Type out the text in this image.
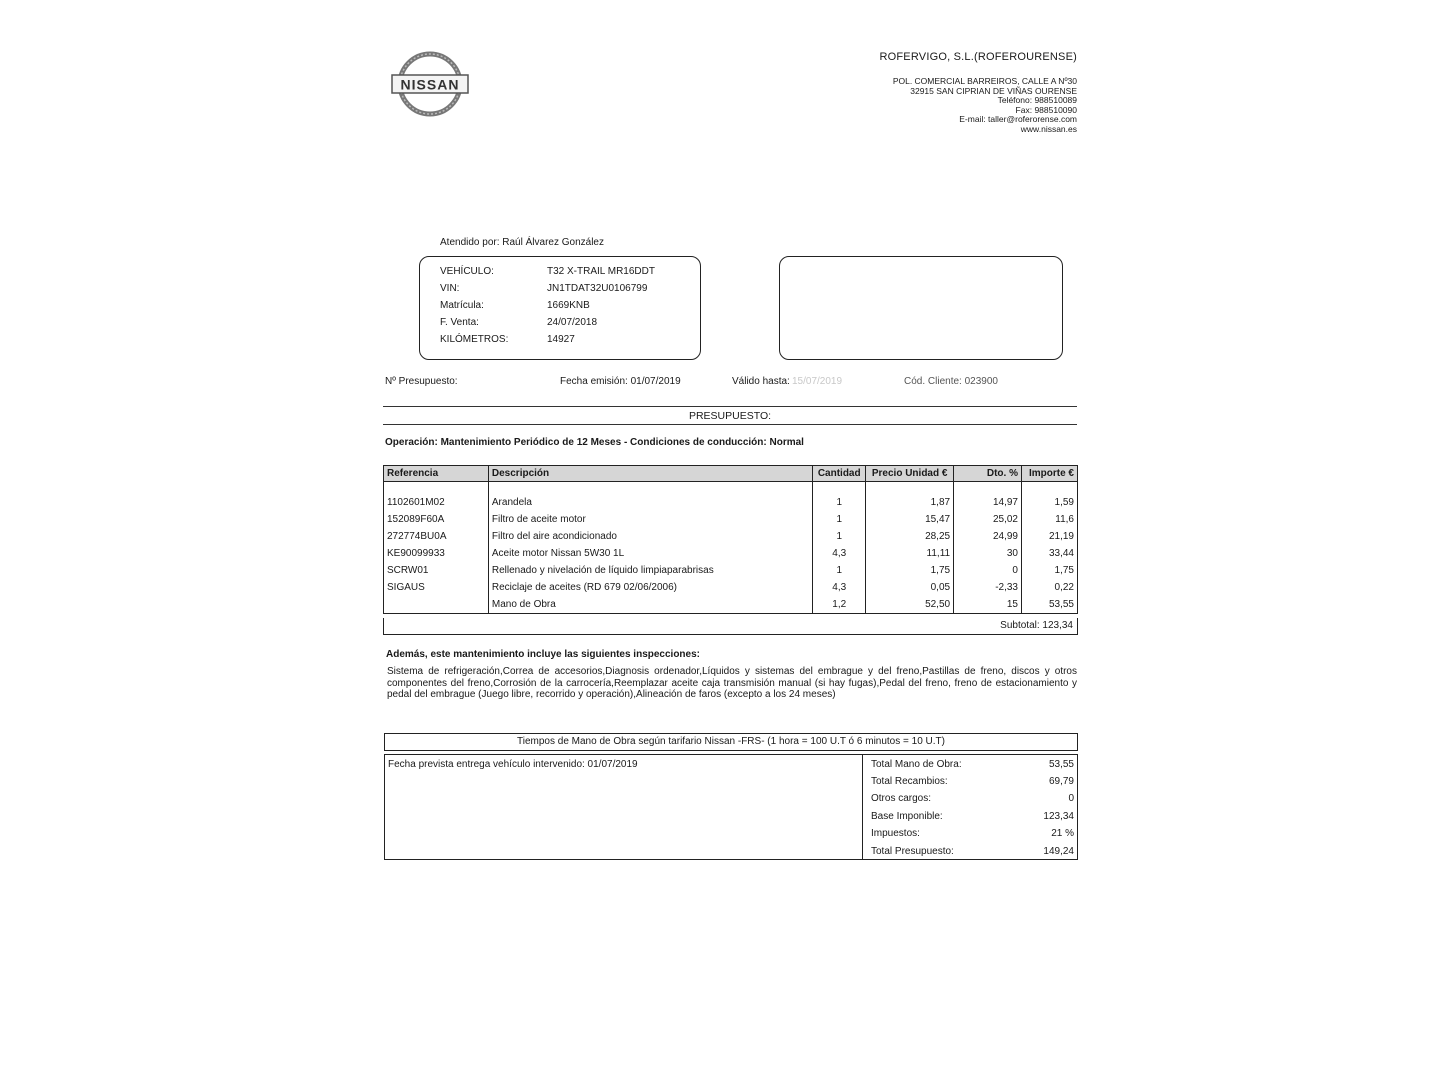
NISSAN
ROFERVIGO, S.L.(ROFEROURENSE)
POL. COMERCIAL BARREIROS, CALLE A Nº30
32915 SAN CIPRIAN DE VIÑAS OURENSE
Teléfono: 988510089
Fax: 988510090
E-mail: taller@roferorense.com
www.nissan.es
Atendido por: Raúl Álvarez González
VEHÍCULO:	T32 X-TRAIL MR16DDT
VIN:	JN1TDAT32U0106799
Matrícula:	1669KNB
F. Venta:	24/07/2018
KILÓMETROS:	14927
Nº Presupuesto:	Fecha emisión: 01/07/2019	Válido hasta: 15/07/2019	Cód. Cliente: 023900
PRESUPUESTO:
Operación: Mantenimiento Periódico de 12 Meses - Condiciones de conducción: Normal
Referencia	Descripción	Cantidad	Precio Unidad €	Dto. %	Importe €

1102601M02	Arandela	1	1,87	14,97	1,59
152089F60A	Filtro de aceite motor	1	15,47	25,02	11,6
272774BU0A	Filtro del aire acondicionado	1	28,25	24,99	21,19
KE90099933	Aceite motor Nissan 5W30 1L	4,3	11,11	30	33,44
SCRW01	Rellenado y nivelación de líquido limpiaparabrisas	1	1,75	0	1,75
SIGAUS	Reciclaje de aceites (RD 679 02/06/2006)	4,3	0,05	-2,33	0,22
	Mano de Obra	1,2	52,50	15	53,55
Subtotal: 123,34
Además, este mantenimiento incluye las siguientes inspecciones:
Sistema de refrigeración,Correa de accesorios,Diagnosis ordenador,Líquidos y sistemas del embrague y del freno,Pastillas de freno, discos y otros componentes del freno,Corrosión de la carrocería,Reemplazar aceite caja transmisión manual (si hay fugas),Pedal del freno, freno de estacionamiento y pedal del embrague (Juego libre, recorrido y operación),Alineación de faros (excepto a los 24 meses)
Tiempos de Mano de Obra según tarifario Nissan -FRS- (1 hora = 100 U.T ó 6 minutos = 10 U.T)
Fecha prevista entrega vehículo intervenido: 01/07/2019	Total Mano de Obra:	53,55
Total Recambios:	69,79
Otros cargos:	0
Base Imponible:	123,34
Impuestos:	21 %
Total Presupuesto:	149,24
